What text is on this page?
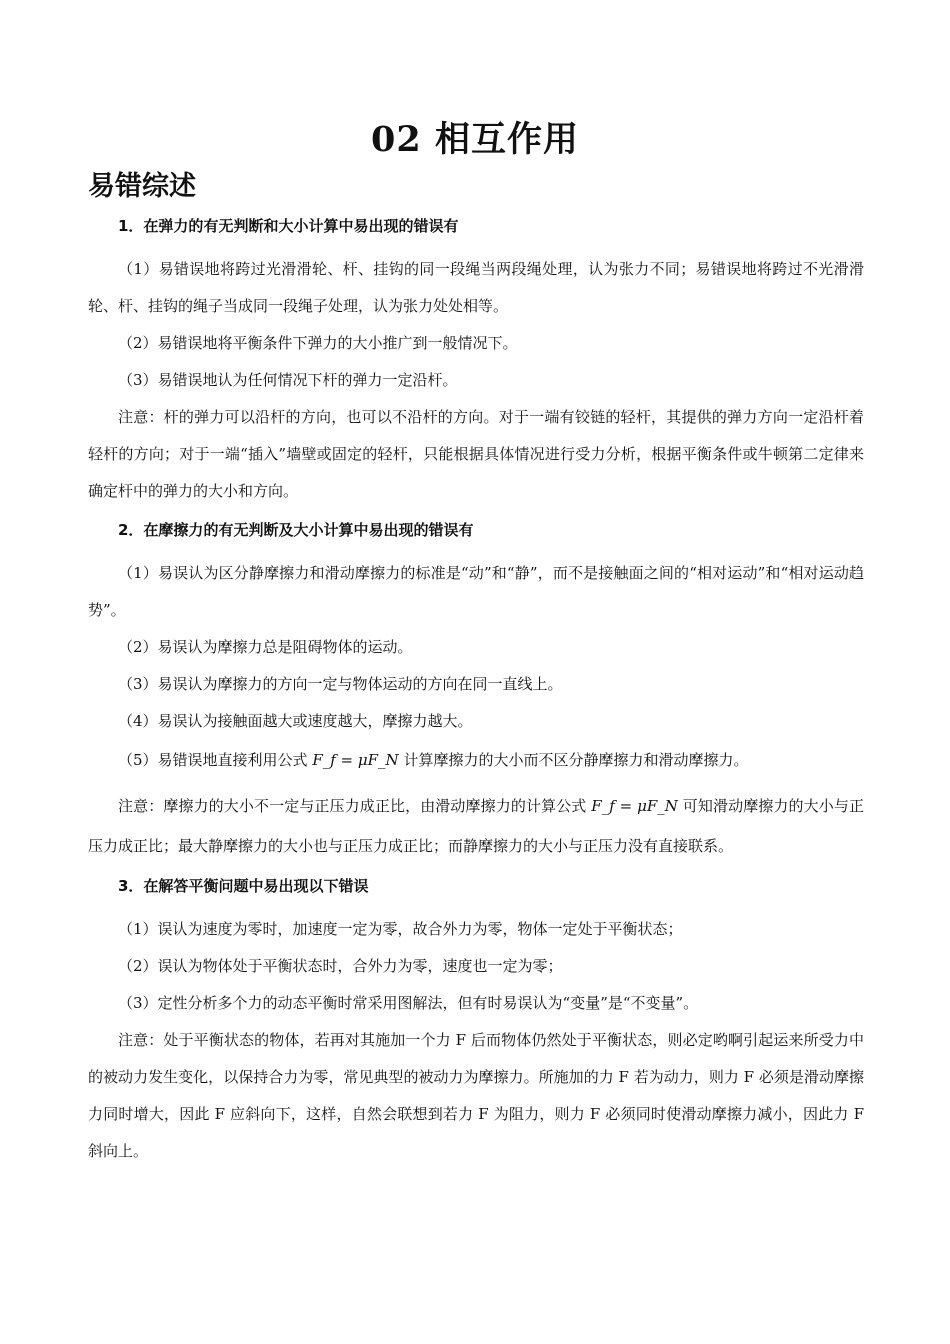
02 相互作用
易错综述
1．在弹力的有无判断和大小计算中易出现的错误有

（1）易错误地将跨过光滑滑轮、杆、挂钩的同一段绳当两段绳处理，认为张力不同；易错误地将跨过不光滑滑轮、杆、挂钩的绳子当成同一段绳子处理，认为张力处处相等。

（2）易错误地将平衡条件下弹力的大小推广到一般情况下。

（3）易错误地认为任何情况下杆的弹力一定沿杆。

注意：杆的弹力可以沿杆的方向，也可以不沿杆的方向。对于一端有铰链的轻杆，其提供的弹力方向一定沿杆着轻杆的方向；对于一端“插入”墙壁或固定的轻杆，只能根据具体情况进行受力分析，根据平衡条件或牛顿第二定律来确定杆中的弹力的大小和方向。

2．在摩擦力的有无判断及大小计算中易出现的错误有

（1）易误认为区分静摩擦力和滑动摩擦力的标准是“动”和“静”，而不是接触面之间的“相对运动”和“相对运动趋势”。

（2）易误认为摩擦力总是阻碍物体的运动。

（3）易误认为摩擦力的方向一定与物体运动的方向在同一直线上。

（4）易误认为接触面越大或速度越大，摩擦力越大。

（5）易错误地直接利用公式 F_f = μF_N 计算摩擦力的大小而不区分静摩擦力和滑动摩擦力。

注意：摩擦力的大小不一定与正压力成正比，由滑动摩擦力的计算公式 F_f = μF_N 可知滑动摩擦力的大小与正压力成正比；最大静摩擦力的大小也与正压力成正比；而静摩擦力的大小与正压力没有直接联系。

3．在解答平衡问题中易出现以下错误

（1）误认为速度为零时，加速度一定为零，故合外力为零，物体一定处于平衡状态；

（2）误认为物体处于平衡状态时，合外力为零，速度也一定为零；

（3）定性分析多个力的动态平衡时常采用图解法，但有时易误认为“变量”是“不变量”。

注意：处于平衡状态的物体，若再对其施加一个力 F 后而物体仍然处于平衡状态，则必定哟啊引起运来所受力中的被动力发生变化，以保持合力为零，常见典型的被动力为摩擦力。所施加的力 F 若为动力，则力 F 必须是滑动摩擦力同时增大，因此 F 应斜向下，这样，自然会联想到若力 F 为阻力，则力 F 必须同时使滑动摩擦力减小，因此力 F 斜向上。
